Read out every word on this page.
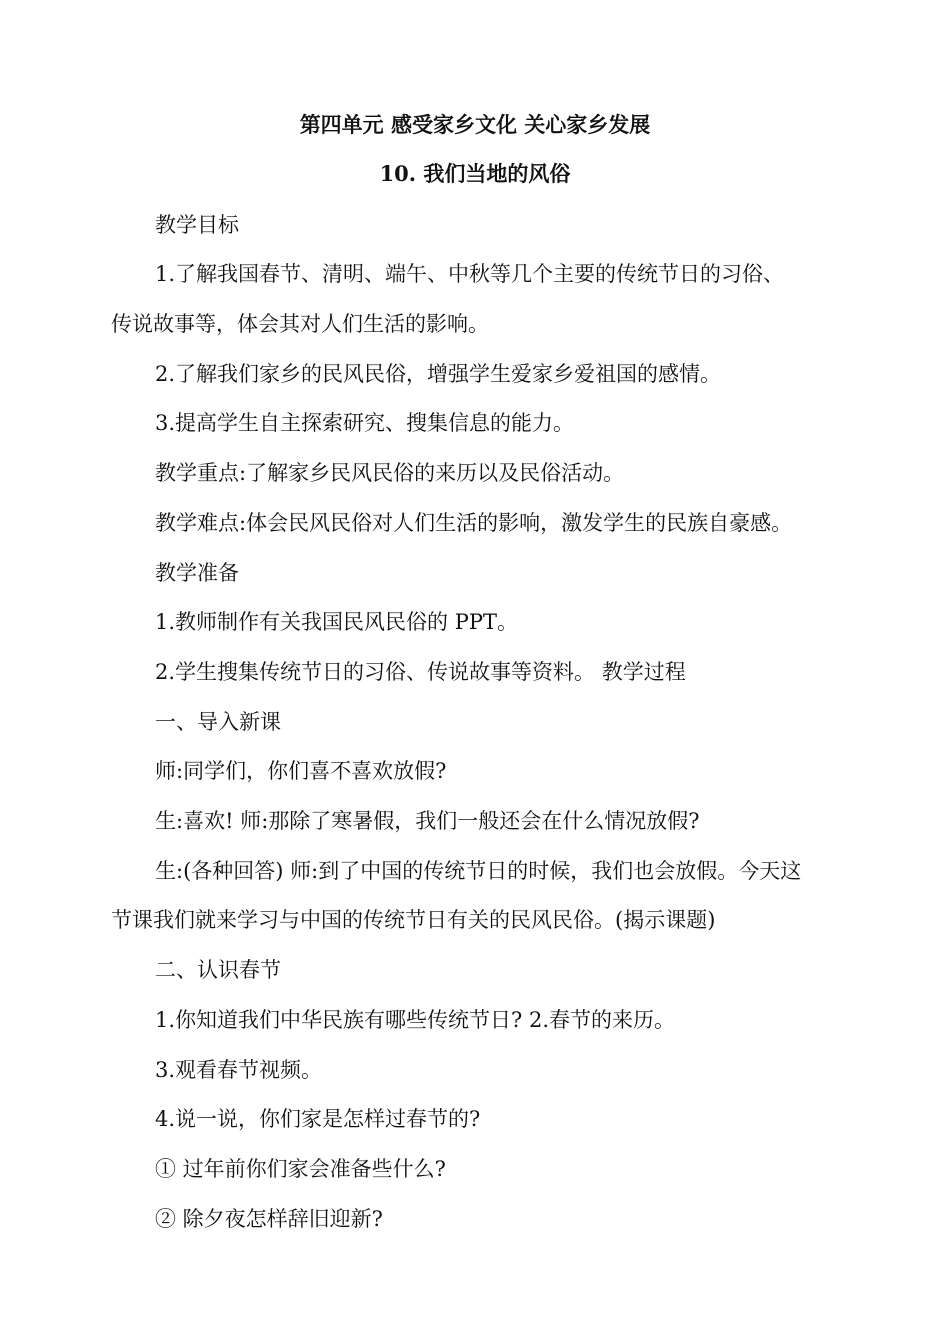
第四单元 感受家乡文化 关心家乡发展
10. 我们当地的风俗
教学目标
1.了解我国春节、清明、端午、中秋等几个主要的传统节日的习俗、
传说故事等，体会其对人们生活的影响。
2.了解我们家乡的民风民俗，增强学生爱家乡爱祖国的感情。
3.提高学生自主探索研究、搜集信息的能力。
教学重点:了解家乡民风民俗的来历以及民俗活动。
教学难点:体会民风民俗对人们生活的影响，激发学生的民族自豪感。
教学准备
1.教师制作有关我国民风民俗的 PPT。
2.学生搜集传统节日的习俗、传说故事等资料。 教学过程
一、导入新课
师:同学们，你们喜不喜欢放假?
生:喜欢! 师:那除了寒暑假，我们一般还会在什么情况放假?
生:(各种回答) 师:到了中国的传统节日的时候，我们也会放假。今天这
节课我们就来学习与中国的传统节日有关的民风民俗。(揭示课题)
二、认识春节
1.你知道我们中华民族有哪些传统节日? 2.春节的来历。
3.观看春节视频。
4.说一说，你们家是怎样过春节的?
① 过年前你们家会准备些什么?
② 除夕夜怎样辞旧迎新?
